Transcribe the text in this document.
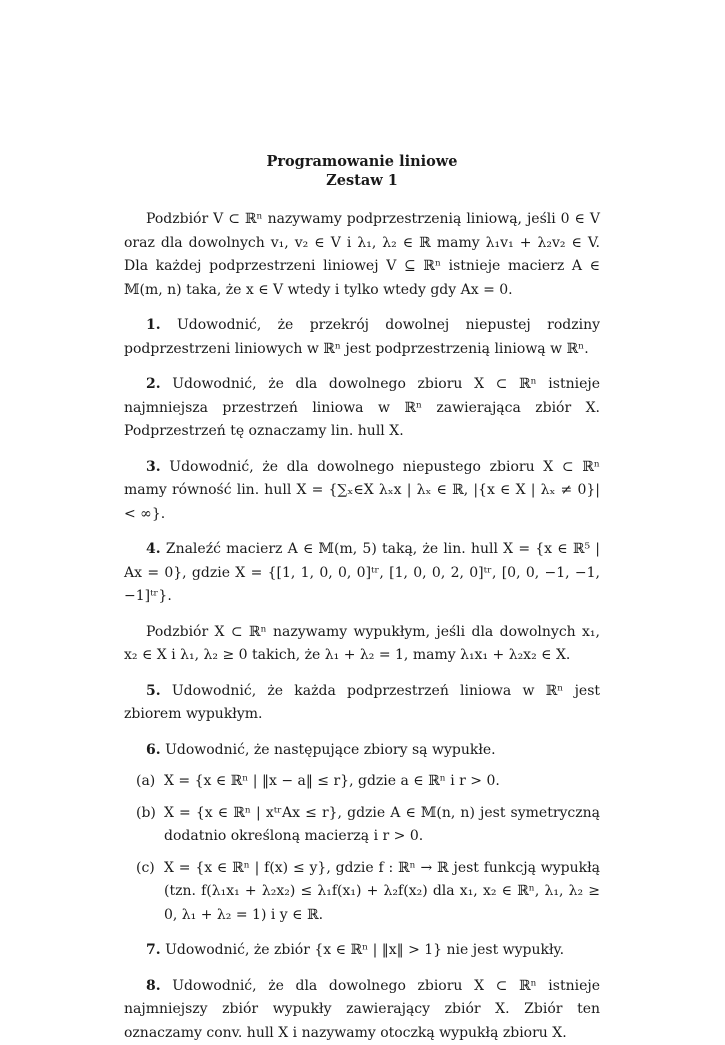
Programowanie liniowe

Zestaw 1

Podzbiór V ⊂ ℝⁿ nazywamy podprzestrzenią liniową, jeśli 0 ∈ V oraz dla dowolnych v₁, v₂ ∈ V i λ₁, λ₂ ∈ ℝ mamy λ₁v₁ + λ₂v₂ ∈ V. Dla każdej podprzestrzeni liniowej V ⊆ ℝⁿ istnieje macierz A ∈ 𝕄(m, n) taka, że x ∈ V wtedy i tylko wtedy gdy Ax = 0.

1. Udowodnić, że przekrój dowolnej niepustej rodziny podprzestrzeni liniowych w ℝⁿ jest podprzestrzenią liniową w ℝⁿ.

2. Udowodnić, że dla dowolnego zbioru X ⊂ ℝⁿ istnieje najmniejsza przestrzeń liniowa w ℝⁿ zawierająca zbiór X. Podprzestrzeń tę oznaczamy lin. hull X.

3. Udowodnić, że dla dowolnego niepustego zbioru X ⊂ ℝⁿ mamy równość lin. hull X = {∑ₓ∈X λₓx | λₓ ∈ ℝ, |{x ∈ X | λₓ ≠ 0}| < ∞}.

4. Znaleźć macierz A ∈ 𝕄(m, 5) taką, że lin. hull X = {x ∈ ℝ⁵ | Ax = 0}, gdzie X = {[1, 1, 0, 0, 0]ᵗʳ, [1, 0, 0, 2, 0]ᵗʳ, [0, 0, −1, −1, −1]ᵗʳ}.

Podzbiór X ⊂ ℝⁿ nazywamy wypukłym, jeśli dla dowolnych x₁, x₂ ∈ X i λ₁, λ₂ ≥ 0 takich, że λ₁ + λ₂ = 1, mamy λ₁x₁ + λ₂x₂ ∈ X.

5. Udowodnić, że każda podprzestrzeń liniowa w ℝⁿ jest zbiorem wypukłym.

6. Udowodnić, że następujące zbiory są wypukłe.

(a) X = {x ∈ ℝⁿ | ‖x − a‖ ≤ r}, gdzie a ∈ ℝⁿ i r > 0.
(b) X = {x ∈ ℝⁿ | xᵗʳAx ≤ r}, gdzie A ∈ 𝕄(n, n) jest symetryczną dodatnio określoną macierzą i r > 0.
(c) X = {x ∈ ℝⁿ | f(x) ≤ y}, gdzie f : ℝⁿ → ℝ jest funkcją wypukłą (tzn. f(λ₁x₁ + λ₂x₂) ≤ λ₁f(x₁) + λ₂f(x₂) dla x₁, x₂ ∈ ℝⁿ, λ₁, λ₂ ≥ 0, λ₁ + λ₂ = 1) i y ∈ ℝ.

7. Udowodnić, że zbiór {x ∈ ℝⁿ | ‖x‖ > 1} nie jest wypukły.

8. Udowodnić, że dla dowolnego zbioru X ⊂ ℝⁿ istnieje najmniejszy zbiór wypukły zawierający zbiór X. Zbiór ten oznaczamy conv. hull X i nazywamy otoczką wypukłą zbioru X.
